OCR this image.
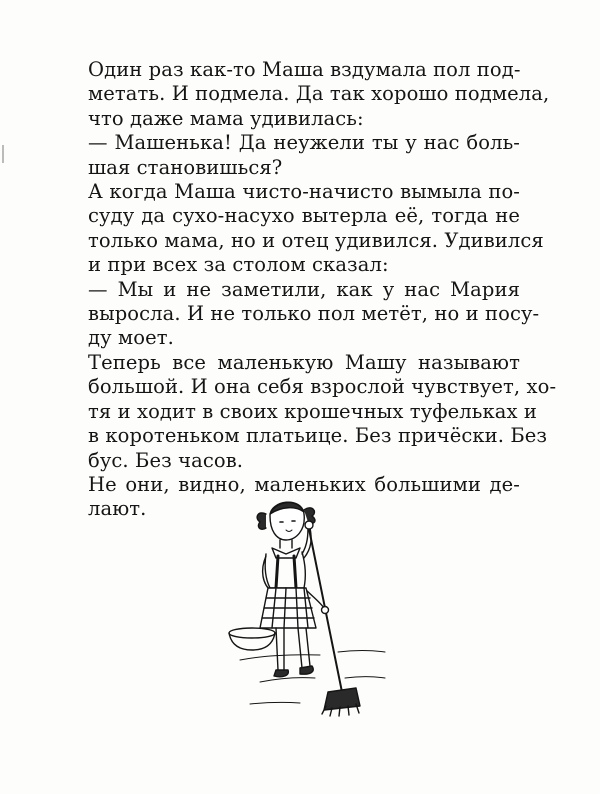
Один раз как-то Маша вздумала пол под-
метать. И подмела. Да так хорошо подмела,
что даже мама удивилась:
— Машенька! Да неужели ты у нас боль-
шая становишься?
А когда Маша чисто-начисто вымыла по-
суду да сухо-насухо вытерла её, тогда не
только мама, но и отец удивился. Удивился
и при всех за столом сказал:
— Мы и не заметили, как у нас Мария
выросла. И не только пол метёт, но и посу-
ду моет.
Теперь все маленькую Машу называют
большой. И она себя взрослой чувствует, хо-
тя и ходит в своих крошечных туфельках и
в коротеньком платьице. Без причёски. Без
бус. Без часов.
Не они, видно, маленьких большими де-
лают.
